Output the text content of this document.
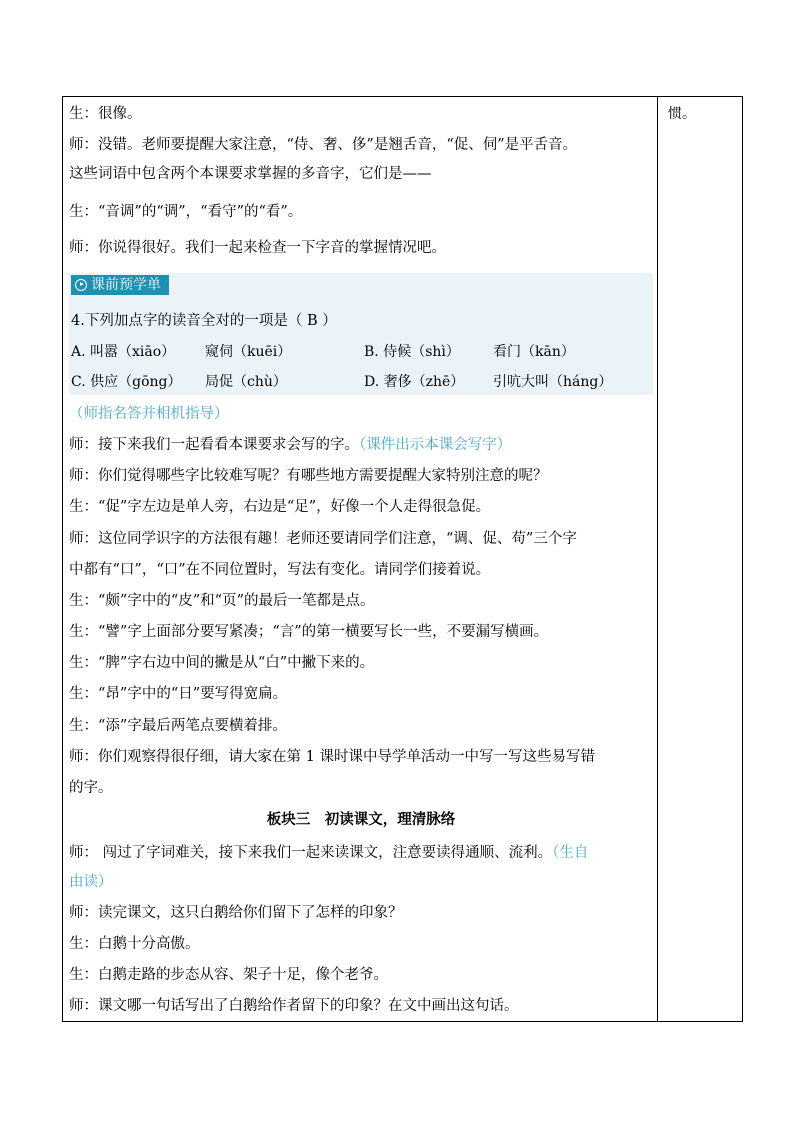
惯。
生：很像。
师：没错。老师要提醒大家注意，“侍、奢、侈”是翘舌音，“促、伺”是平舌音。
这些词语中包含两个本课要求掌握的多音字，它们是——
生：“音调”的“调”，“看守”的“看”。
师：你说得很好。我们一起来检查一下字音的掌握情况吧。
课前预学单
4.下列加点字的读音全对的一项是（ B ）
A. 叫嚣（xiāo） 窥伺（kuēi）	B. 侍候（shì） 看门（kān）
C. 供应（gōng） 局促（chù）	D. 奢侈（zhē） 引吭大叫（háng）
（师指名答并相机指导）
师：接下来我们一起看看本课要求会写的字。（课件出示本课会写字）
师：你们觉得哪些字比较难写呢？有哪些地方需要提醒大家特别注意的呢？
生：“促”字左边是单人旁，右边是“足”，好像一个人走得很急促。
师：这位同学识字的方法很有趣！老师还要请同学们注意，“调、促、苟”三个字
中都有“口”，“口”在不同位置时，写法有变化。请同学们接着说。
生：“颇”字中的“皮”和“页”的最后一笔都是点。
生：“譬”字上面部分要写紧凑；“言”的第一横要写长一些，不要漏写横画。
生：“脾”字右边中间的撇是从“白”中撇下来的。
生：“昂”字中的“日”要写得宽扁。
生：“添”字最后两笔点要横着排。
师：你们观察得很仔细，请大家在第 1 课时课中导学单活动一中写一写这些易写错
的字。
板块三　初读课文，理清脉络
师： 闯过了字词难关，接下来我们一起来读课文，注意要读得通顺、流利。（生自
由读）
师：读完课文，这只白鹅给你们留下了怎样的印象？
生：白鹅十分高傲。
生：白鹅走路的步态从容、架子十足，像个老爷。
师：课文哪一句话写出了白鹅给作者留下的印象？在文中画出这句话。
